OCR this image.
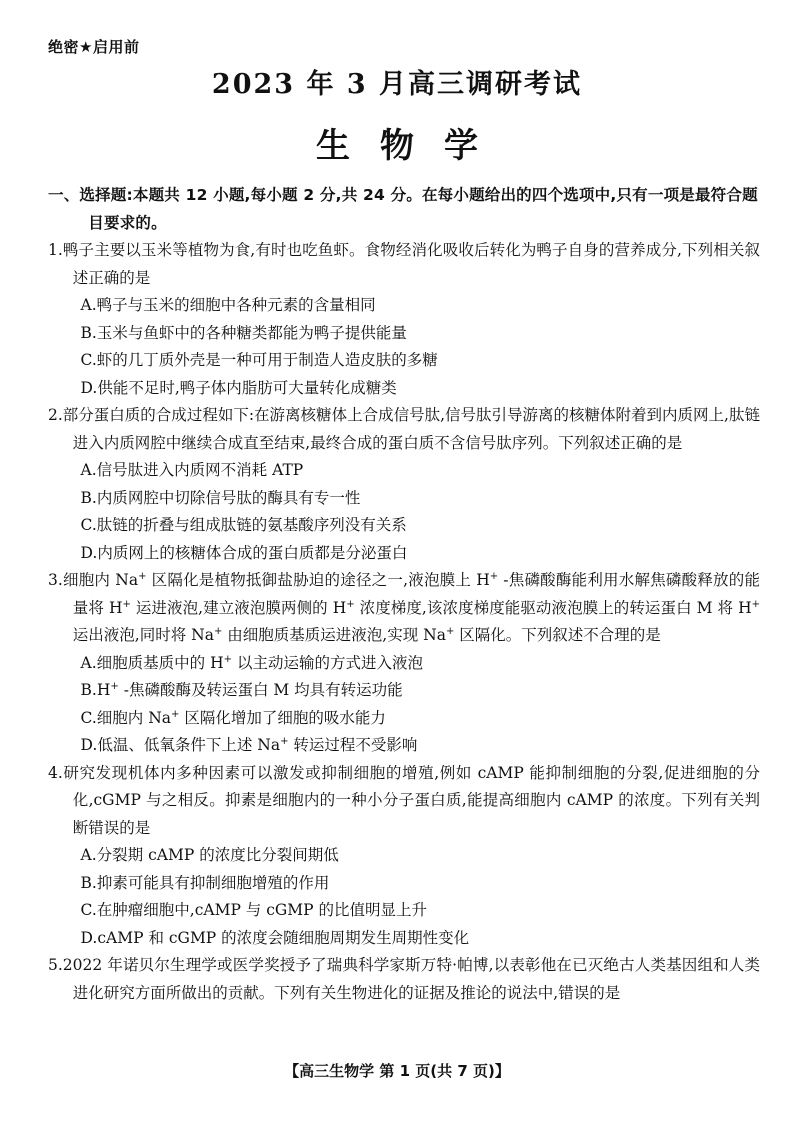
绝密★启用前
2023 年 3 月高三调研考试
生物学
一、选择题:本题共 12 小题,每小题 2 分,共 24 分。在每小题给出的四个选项中,只有一项是最符合题目要求的。
1.鸭子主要以玉米等植物为食,有时也吃鱼虾。食物经消化吸收后转化为鸭子自身的营养成分,下列相关叙述正确的是
A.鸭子与玉米的细胞中各种元素的含量相同
B.玉米与鱼虾中的各种糖类都能为鸭子提供能量
C.虾的几丁质外壳是一种可用于制造人造皮肤的多糖
D.供能不足时,鸭子体内脂肪可大量转化成糖类
2.部分蛋白质的合成过程如下:在游离核糖体上合成信号肽,信号肽引导游离的核糖体附着到内质网上,肽链进入内质网腔中继续合成直至结束,最终合成的蛋白质不含信号肽序列。下列叙述正确的是
A.信号肽进入内质网不消耗 ATP
B.内质网腔中切除信号肽的酶具有专一性
C.肽链的折叠与组成肽链的氨基酸序列没有关系
D.内质网上的核糖体合成的蛋白质都是分泌蛋白
3.细胞内 Na+ 区隔化是植物抵御盐胁迫的途径之一,液泡膜上 H+ -焦磷酸酶能利用水解焦磷酸释放的能量将 H+ 运进液泡,建立液泡膜两侧的 H+ 浓度梯度,该浓度梯度能驱动液泡膜上的转运蛋白 M 将 H+ 运出液泡,同时将 Na+ 由细胞质基质运进液泡,实现 Na+ 区隔化。下列叙述不合理的是
A.细胞质基质中的 H+ 以主动运输的方式进入液泡
B.H+ -焦磷酸酶及转运蛋白 M 均具有转运功能
C.细胞内 Na+ 区隔化增加了细胞的吸水能力
D.低温、低氧条件下上述 Na+ 转运过程不受影响
4.研究发现机体内多种因素可以激发或抑制细胞的增殖,例如 cAMP 能抑制细胞的分裂,促进细胞的分化,cGMP 与之相反。抑素是细胞内的一种小分子蛋白质,能提高细胞内 cAMP 的浓度。下列有关判断错误的是
A.分裂期 cAMP 的浓度比分裂间期低
B.抑素可能具有抑制细胞增殖的作用
C.在肿瘤细胞中,cAMP 与 cGMP 的比值明显上升
D.cAMP 和 cGMP 的浓度会随细胞周期发生周期性变化
5.2022 年诺贝尔生理学或医学奖授予了瑞典科学家斯万特·帕博,以表彰他在已灭绝古人类基因组和人类进化研究方面所做出的贡献。下列有关生物进化的证据及推论的说法中,错误的是
【高三生物学 第 1 页(共 7 页)】
